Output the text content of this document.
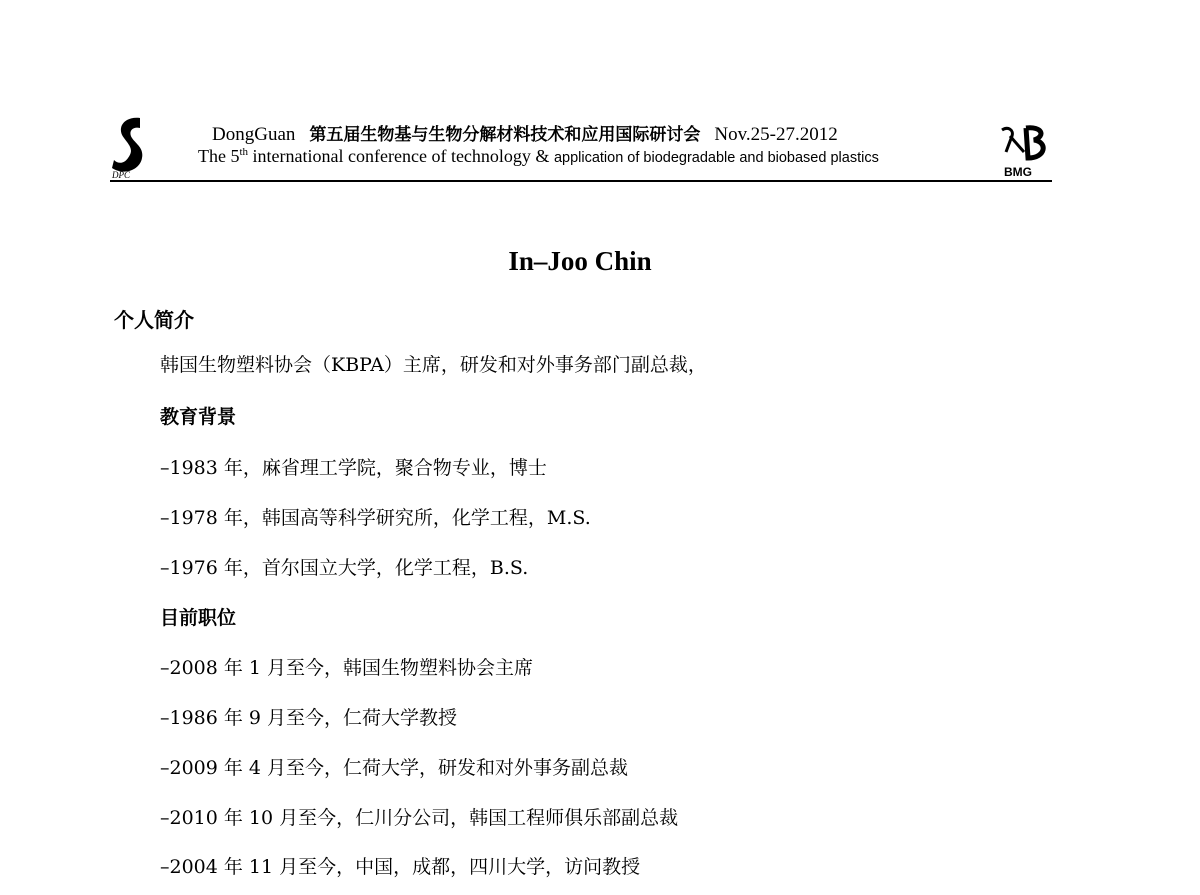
DPC
DongGuan 第五届生物基与生物分解材料技术和应用国际研讨会 Nov.25-27.2012
The 5th international conference of technology & application of biodegradable and biobased plastics
BMG
In–Joo Chin
个人简介
韩国生物塑料协会（KBPA）主席，研发和对外事务部门副总裁，
教育背景
–1983 年，麻省理工学院，聚合物专业，博士
–1978 年，韩国高等科学研究所，化学工程，M.S.
–1976 年，首尔国立大学，化学工程，B.S.
目前职位
–2008 年 1 月至今，韩国生物塑料协会主席
–1986 年 9 月至今，仁荷大学教授
–2009 年 4 月至今，仁荷大学，研发和对外事务副总裁
–2010 年 10 月至今，仁川分公司，韩国工程师俱乐部副总裁
–2004 年 11 月至今，中国，成都，四川大学，访问教授
